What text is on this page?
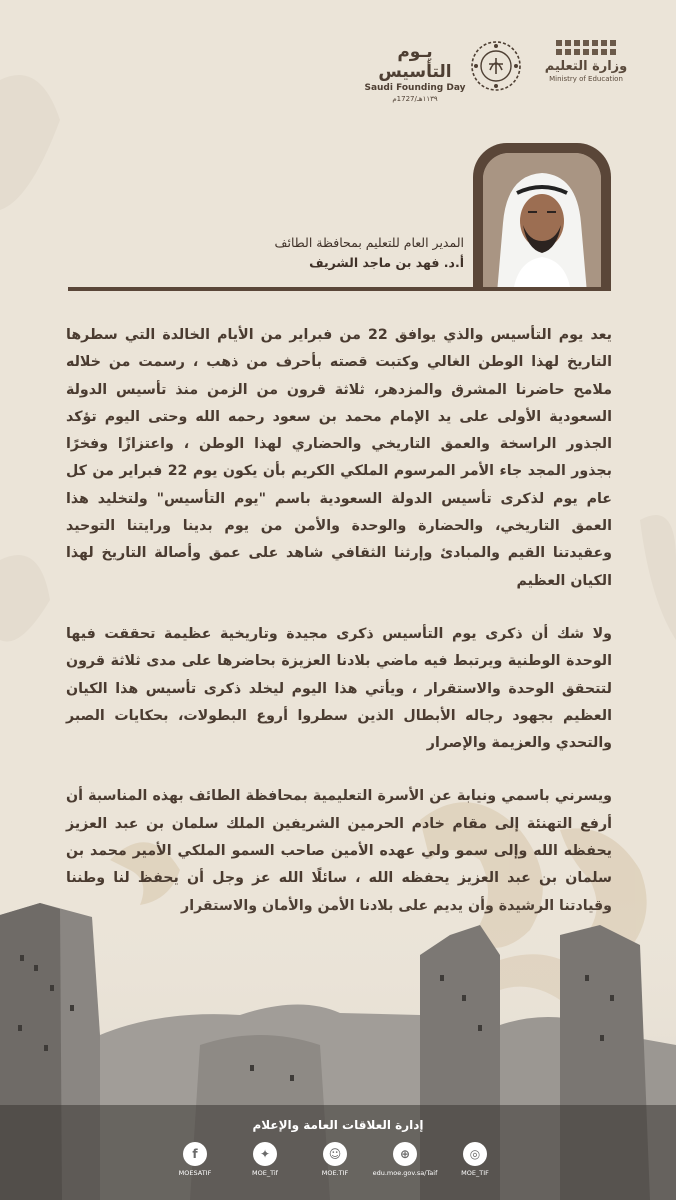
وزارة التعليم
Ministry of Education
يـوم التأسيس
Saudi Founding Day
١١٣٩هـ/1727م
المدير العام للتعليم بمحافظة الطائف
أ.د. فهد بن ماجد الشريف

يعد يوم التأسيس والذي يوافق 22 من فبراير من الأيام الخالدة التي سطرها التاريخ لهذا الوطن الغالي وكتبت قصته بأحرف من ذهب ، رسمت من خلاله ملامح حاضرنا المشرق والمزدهر، ثلاثة قرون من الزمن منذ تأسيس الدولة السعودية الأولى على يد الإمام محمد بن سعود رحمه الله وحتى اليوم تؤكد الجذور الراسخة والعمق التاريخي والحضاري لهذا الوطن ، واعتزازًا وفخرًا بجذور المجد جاء الأمر المرسوم الملكي الكريم بأن يكون يوم 22 فبراير من كل عام يوم لذكرى تأسيس الدولة السعودية باسم "يوم التأسيس" ولتخليد هذا العمق التاريخي، والحضارة والوحدة والأمن من يوم بدينا ورايتنا التوحيد وعقيدتنا القيم والمبادئ وإرثنا الثقافي شاهد على عمق وأصالة التاريخ لهذا الكيان العظيم

ولا شك أن ذكرى يوم التأسيس ذكرى مجيدة وتاريخية عظيمة تحققت فيها الوحدة الوطنية ويرتبط فيه ماضي بلادنا العزيزة بحاضرها على مدى ثلاثة قرون لتتحقق الوحدة والاستقرار ، ويأتي هذا اليوم ليخلد ذكرى تأسيس هذا الكيان العظيم بجهود رجاله الأبطال الذين سطروا أروع البطولات، بحكايات الصبر والتحدي والعزيمة والإصرار

ويسرني باسمي ونيابة عن الأسرة التعليمية بمحافظة الطائف بهذه المناسبة أن أرفع التهنئة إلى مقام خادم الحرمين الشريفين الملك سلمان بن عبد العزيز يحفظه الله وإلى سمو ولي عهده الأمين صاحب السمو الملكي الأمير محمد بن سلمان بن عبد العزيز يحفظه الله ، سائلًا الله عز وجل أن يحفظ لنا وطننا

إدارة العلاقات العامة والإعلام
◎
MOE_TIF
⊕
edu.moe.gov.sa/Taif
☺
MOE.TIF
✦
MOE_Tif
f
MOESATIF
